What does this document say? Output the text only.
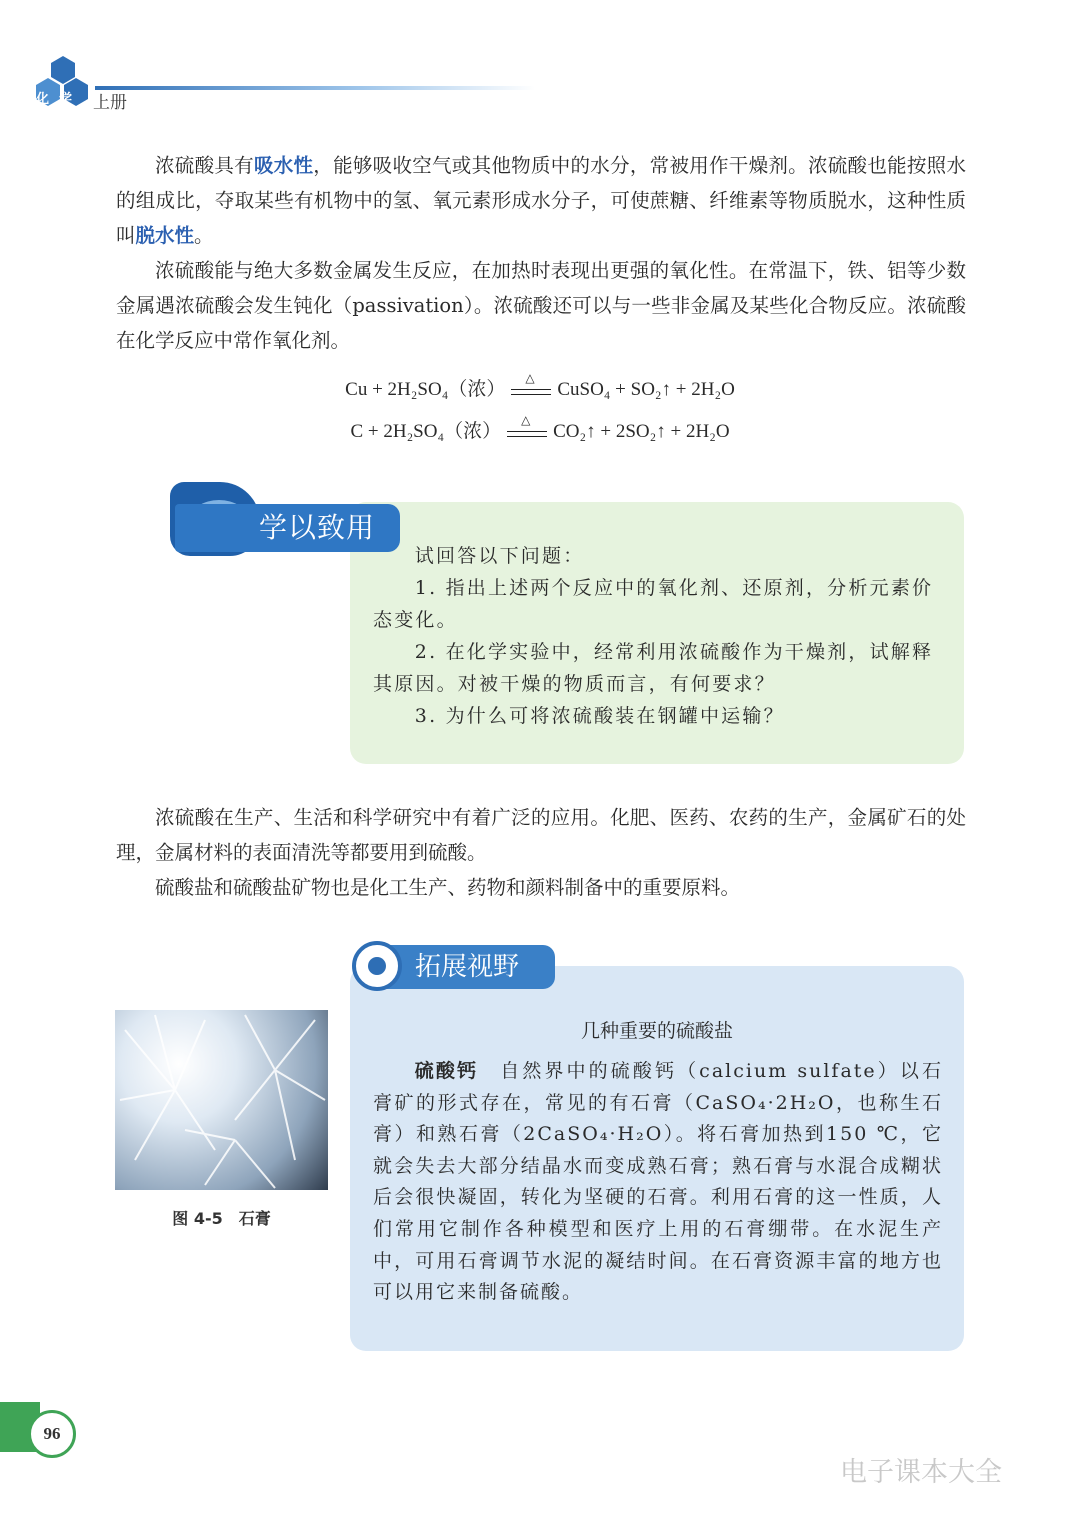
化学 上册

浓硫酸具有吸水性，能够吸收空气或其他物质中的水分，常被用作干燥剂。浓硫酸也能按照水的组成比，夺取某些有机物中的氢、氧元素形成水分子，可使蔗糖、纤维素等物质脱水，这种性质叫脱水性。

浓硫酸能与绝大多数金属发生反应，在加热时表现出更强的氧化性。在常温下，铁、铝等少数金属遇浓硫酸会发生钝化（passivation）。浓硫酸还可以与一些非金属及某些化合物反应。浓硫酸在化学反应中常作氧化剂。

Cu + 2H₂SO₄（浓）
△
CuSO₄ + SO₂↑ + 2H₂O
C + 2H₂SO₄（浓）
△
CO₂↑ + 2SO₂↑ + 2H₂O
学以致用

试回答以下问题：

1. 指出上述两个反应中的氧化剂、还原剂，分析元素价态变化。

2. 在化学实验中，经常利用浓硫酸作为干燥剂，试解释其原因。对被干燥的物质而言，有何要求？

3. 为什么可将浓硫酸装在钢罐中运输？

浓硫酸在生产、生活和科学研究中有着广泛的应用。化肥、医药、农药的生产，金属矿石的处理，金属材料的表面清洗等都要用到硫酸。

硫酸盐和硫酸盐矿物也是化工生产、药物和颜料制备中的重要原料。

图 4-5　石膏
拓展视野
几种重要的硫酸盐

硫酸钙　 自然界中的硫酸钙（calcium sulfate）以石膏矿的形式存在，常见的有石膏（CaSO₄·2H₂O，也称生石膏）和熟石膏（2CaSO₄·H₂O）。将石膏加热到150 ℃，它就会失去大部分结晶水而变成熟石膏；熟石膏与水混合成糊状后会很快凝固，转化为坚硬的石膏。利用石膏的这一性质，人们常用它制作各种模型和医疗上用的石膏绷带。在水泥生产中，可用石膏调节水泥的凝结时间。在石膏资源丰富的地方也可以用它来制备硫酸。

96
电子课本大全
